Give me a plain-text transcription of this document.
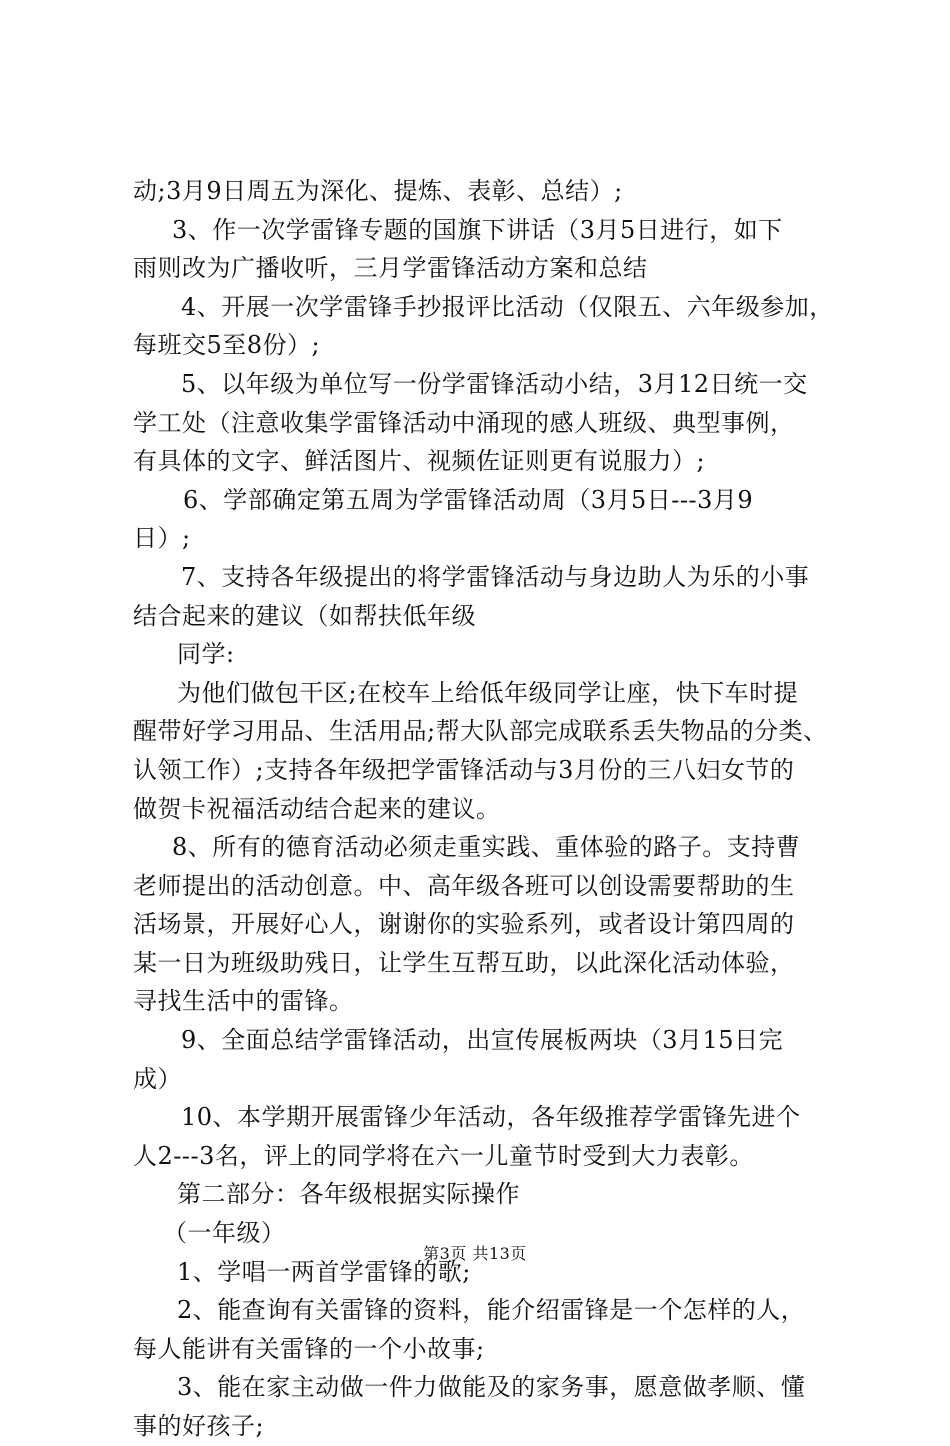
动;3月9日周五为深化、提炼、表彰、总结）;
3、作一次学雷锋专题的国旗下讲话（3月5日进行，如下
雨则改为广播收听，三月学雷锋活动方案和总结
4、开展一次学雷锋手抄报评比活动（仅限五、六年级参加，
每班交5至8份）;
5、以年级为单位写一份学雷锋活动小结，3月12日统一交
学工处（注意收集学雷锋活动中涌现的感人班级、典型事例，
有具体的文字、鲜活图片、视频佐证则更有说服力）;
6、学部确定第五周为学雷锋活动周（3月5日---3月9
日）;
7、支持各年级提出的将学雷锋活动与身边助人为乐的小事
结合起来的建议（如帮扶低年级
同学:
为他们做包干区;在校车上给低年级同学让座，快下车时提
醒带好学习用品、生活用品;帮大队部完成联系丢失物品的分类、
认领工作）;支持各年级把学雷锋活动与3月份的三八妇女节的
做贺卡祝福活动结合起来的建议。
8、所有的德育活动必须走重实践、重体验的路子。支持曹
老师提出的活动创意。中、高年级各班可以创设需要帮助的生
活场景，开展好心人，谢谢你的实验系列，或者设计第四周的
某一日为班级助残日，让学生互帮互助，以此深化活动体验，
寻找生活中的雷锋。
9、全面总结学雷锋活动，出宣传展板两块（3月15日完
成）
10、本学期开展雷锋少年活动，各年级推荐学雷锋先进个
人2---3名，评上的同学将在六一儿童节时受到大力表彰。
第二部分：各年级根据实际操作
（一年级）
1、学唱一两首学雷锋的歌;
2、能查询有关雷锋的资料，能介绍雷锋是一个怎样的人，
每人能讲有关雷锋的一个小故事;
3、能在家主动做一件力做能及的家务事，愿意做孝顺、懂
事的好孩子;
第3页 共13页
